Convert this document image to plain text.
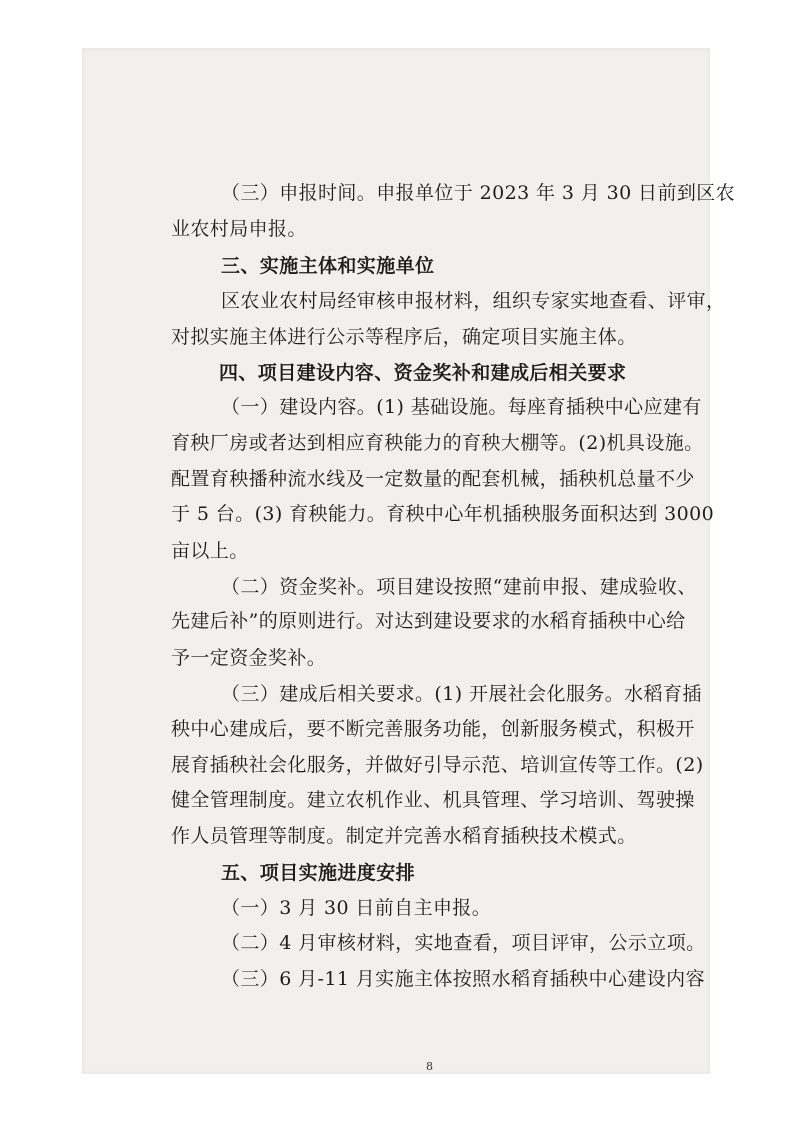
（三）申报时间。申报单位于 2023 年 3 月 30 日前到区农
业农村局申报。
三、实施主体和实施单位
区农业农村局经审核申报材料，组织专家实地查看、评审，
对拟实施主体进行公示等程序后，确定项目实施主体。
四、项目建设内容、资金奖补和建成后相关要求
（一）建设内容。(1) 基础设施。每座育插秧中心应建有
育秧厂房或者达到相应育秧能力的育秧大棚等。(2)机具设施。
配置育秧播种流水线及一定数量的配套机械，插秧机总量不少
于 5 台。(3) 育秧能力。育秧中心年机插秧服务面积达到 3000
亩以上。
（二）资金奖补。项目建设按照“建前申报、建成验收、
先建后补”的原则进行。对达到建设要求的水稻育插秧中心给
予一定资金奖补。
（三）建成后相关要求。(1) 开展社会化服务。水稻育插
秧中心建成后，要不断完善服务功能，创新服务模式，积极开
展育插秧社会化服务，并做好引导示范、培训宣传等工作。(2)
健全管理制度。建立农机作业、机具管理、学习培训、驾驶操
作人员管理等制度。制定并完善水稻育插秧技术模式。
五、项目实施进度安排
（一）3 月 30 日前自主申报。
（二）4 月审核材料，实地查看，项目评审，公示立项。
（三）6 月-11 月实施主体按照水稻育插秧中心建设内容
8
